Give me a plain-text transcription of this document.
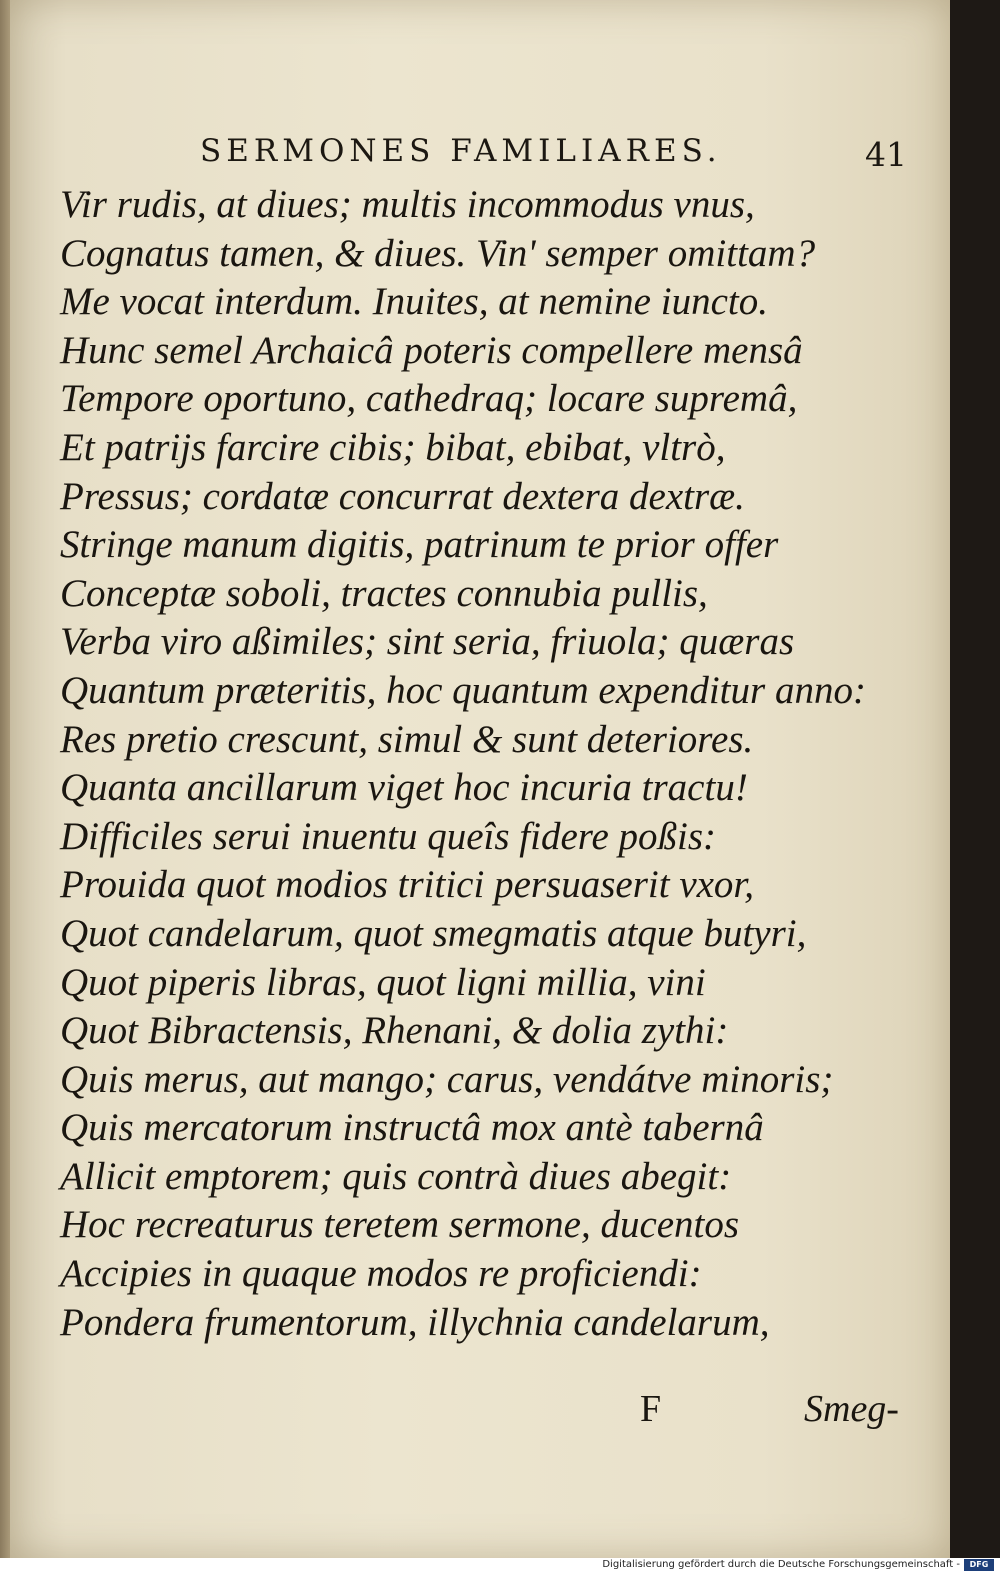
SERMONES FAMILIARES.	41
Vir rudis, at diues; multis incommodus vnus,
Cognatus tamen, & diues. Vin' semper omittam?
Me vocat interdum. Inuites, at nemine iuncto.
Hunc semel Archaicâ poteris compellere mensâ
Tempore oportuno, cathedraq; locare supremâ,
Et patrijs farcire cibis; bibat, ebibat, vltrò,
Pressus; cordatæ concurrat dextera dextræ.
Stringe manum digitis, patrinum te prior offer
Conceptæ soboli, tractes connubia pullis,
Verba viro aßimiles; sint seria, friuola; quæras
Quantum præteritis, hoc quantum expenditur anno:
Res pretio crescunt, simul & sunt deteriores.
Quanta ancillarum viget hoc incuria tractu!
Difficiles serui inuentu queîs fidere poßis:
Prouida quot modios tritici persuaserit vxor,
Quot candelarum, quot smegmatis atque butyri,
Quot piperis libras, quot ligni millia, vini
Quot Bibractensis, Rhenani, & dolia zythi:
Quis merus, aut mango; carus, vendátve minoris;
Quis mercatorum instructâ mox antè tabernâ
Allicit emptorem; quis contrà diues abegit:
Hoc recreaturus teretem sermone, ducentos
Accipies in quaque modos re proficiendi:
Pondera frumentorum, illychnia candelarum,
F	Smeg-
Digitalisierung gefördert durch die Deutsche Forschungsgemeinschaft -	DFG
